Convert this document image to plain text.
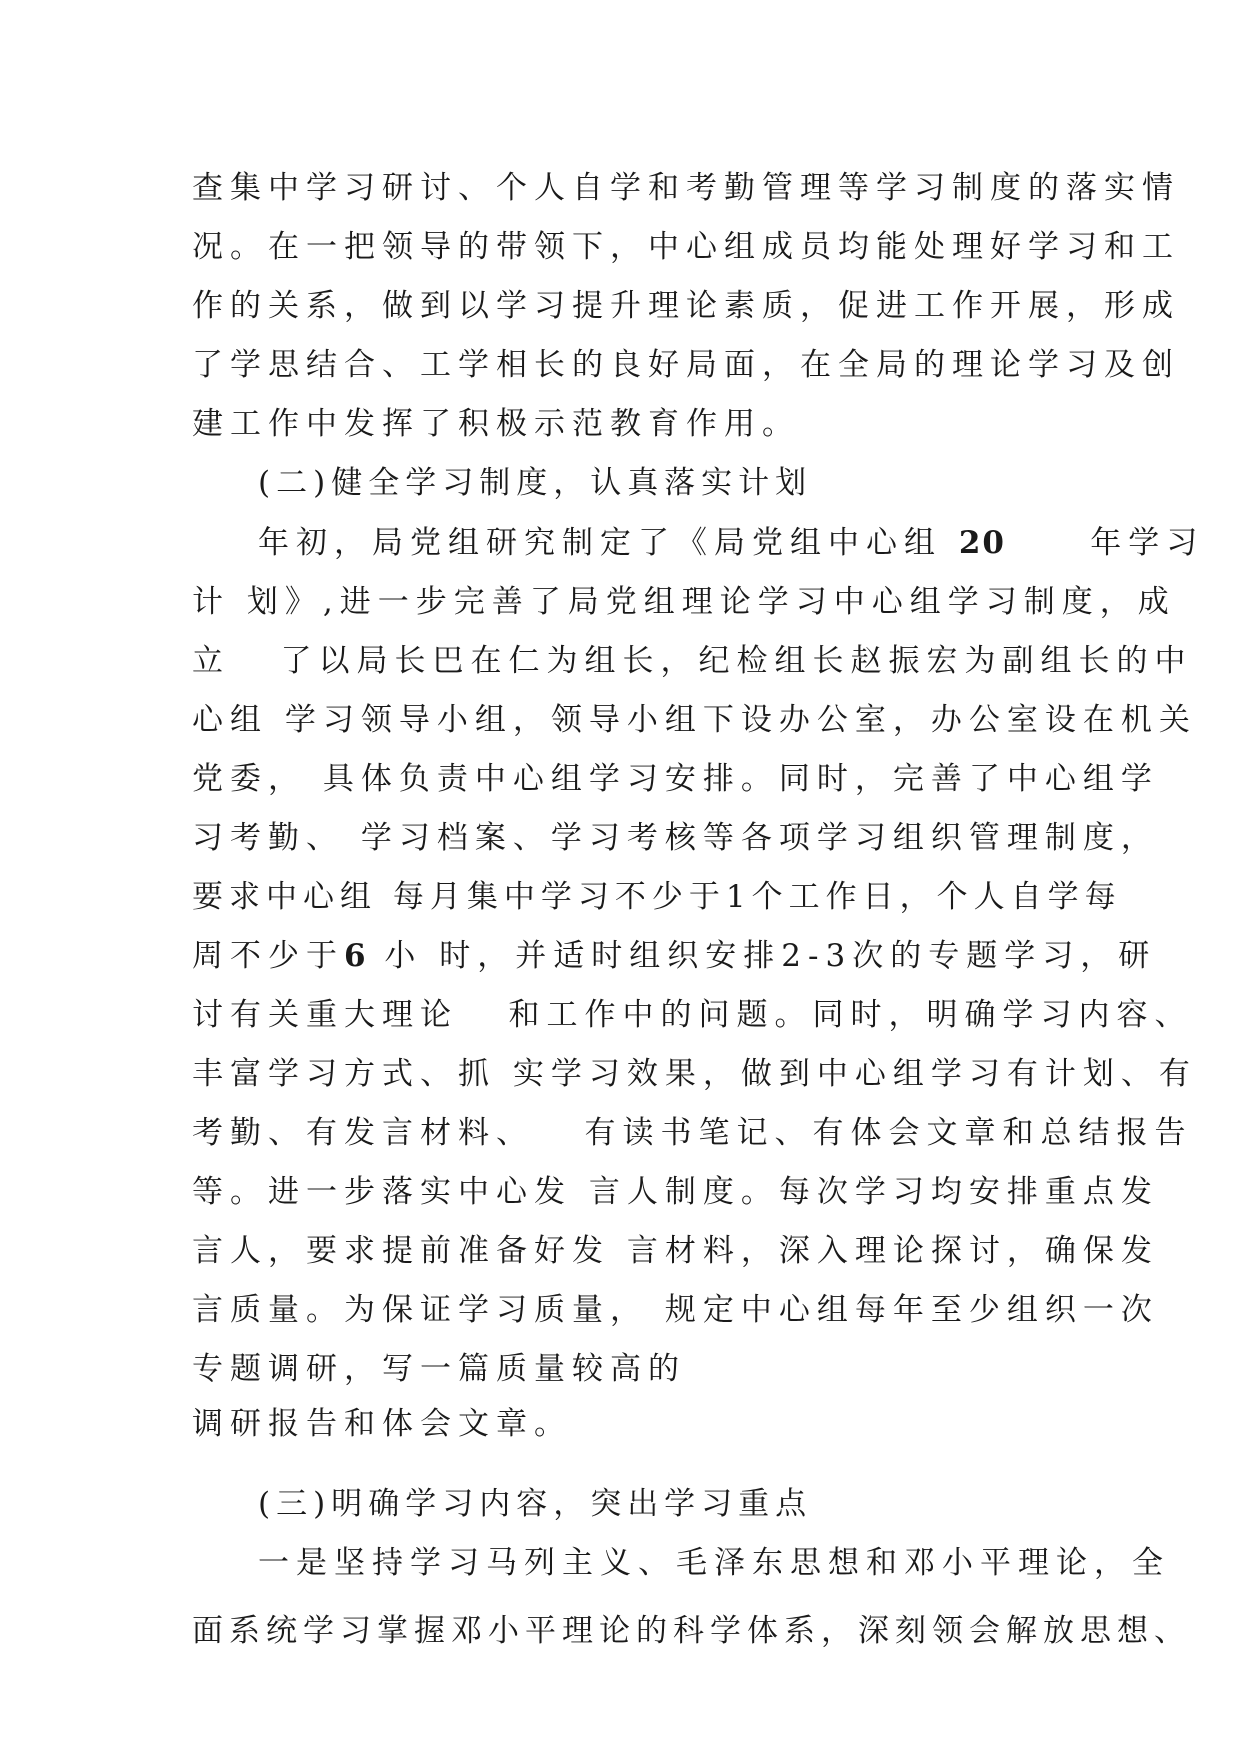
查集中学习研讨、个人自学和考勤管理等学习制度的落实情
况。在一把领导的带领下，中心组成员均能处理好学习和工
作的关系，做到以学习提升理论素质，促进工作开展，形成
了学思结合、工学相长的良好局面，在全局的理论学习及创
建工作中发挥了积极示范教育作用。
(二)健全学习制度，认真落实计划
年初，局党组研究制定了《局党组中心组 20     年学习
计 划》,进一步完善了局党组理论学习中心组学习制度，成
立   了以局长巴在仁为组长，纪检组长赵振宏为副组长的中
心组 学习领导小组，领导小组下设办公室，办公室设在机关
党委， 具体负责中心组学习安排。同时，完善了中心组学
习考勤、 学习档案、学习考核等各项学习组织管理制度，
要求中心组 每月集中学习不少于1个工作日，个人自学每
周不少于6 小 时，并适时组织安排2-3次的专题学习，研
讨有关重大理论   和工作中的问题。同时，明确学习内容、
丰富学习方式、抓 实学习效果，做到中心组学习有计划、有
考勤、有发言材料、   有读书笔记、有体会文章和总结报告
等。进一步落实中心发 言人制度。每次学习均安排重点发
言人，要求提前准备好发 言材料，深入理论探讨，确保发
言质量。为保证学习质量， 规定中心组每年至少组织一次
专题调研，写一篇质量较高的
调研报告和体会文章。
(三)明确学习内容，突出学习重点
一是坚持学习马列主义、毛泽东思想和邓小平理论，全
面系统学习掌握邓小平理论的科学体系，深刻领会解放思想、
